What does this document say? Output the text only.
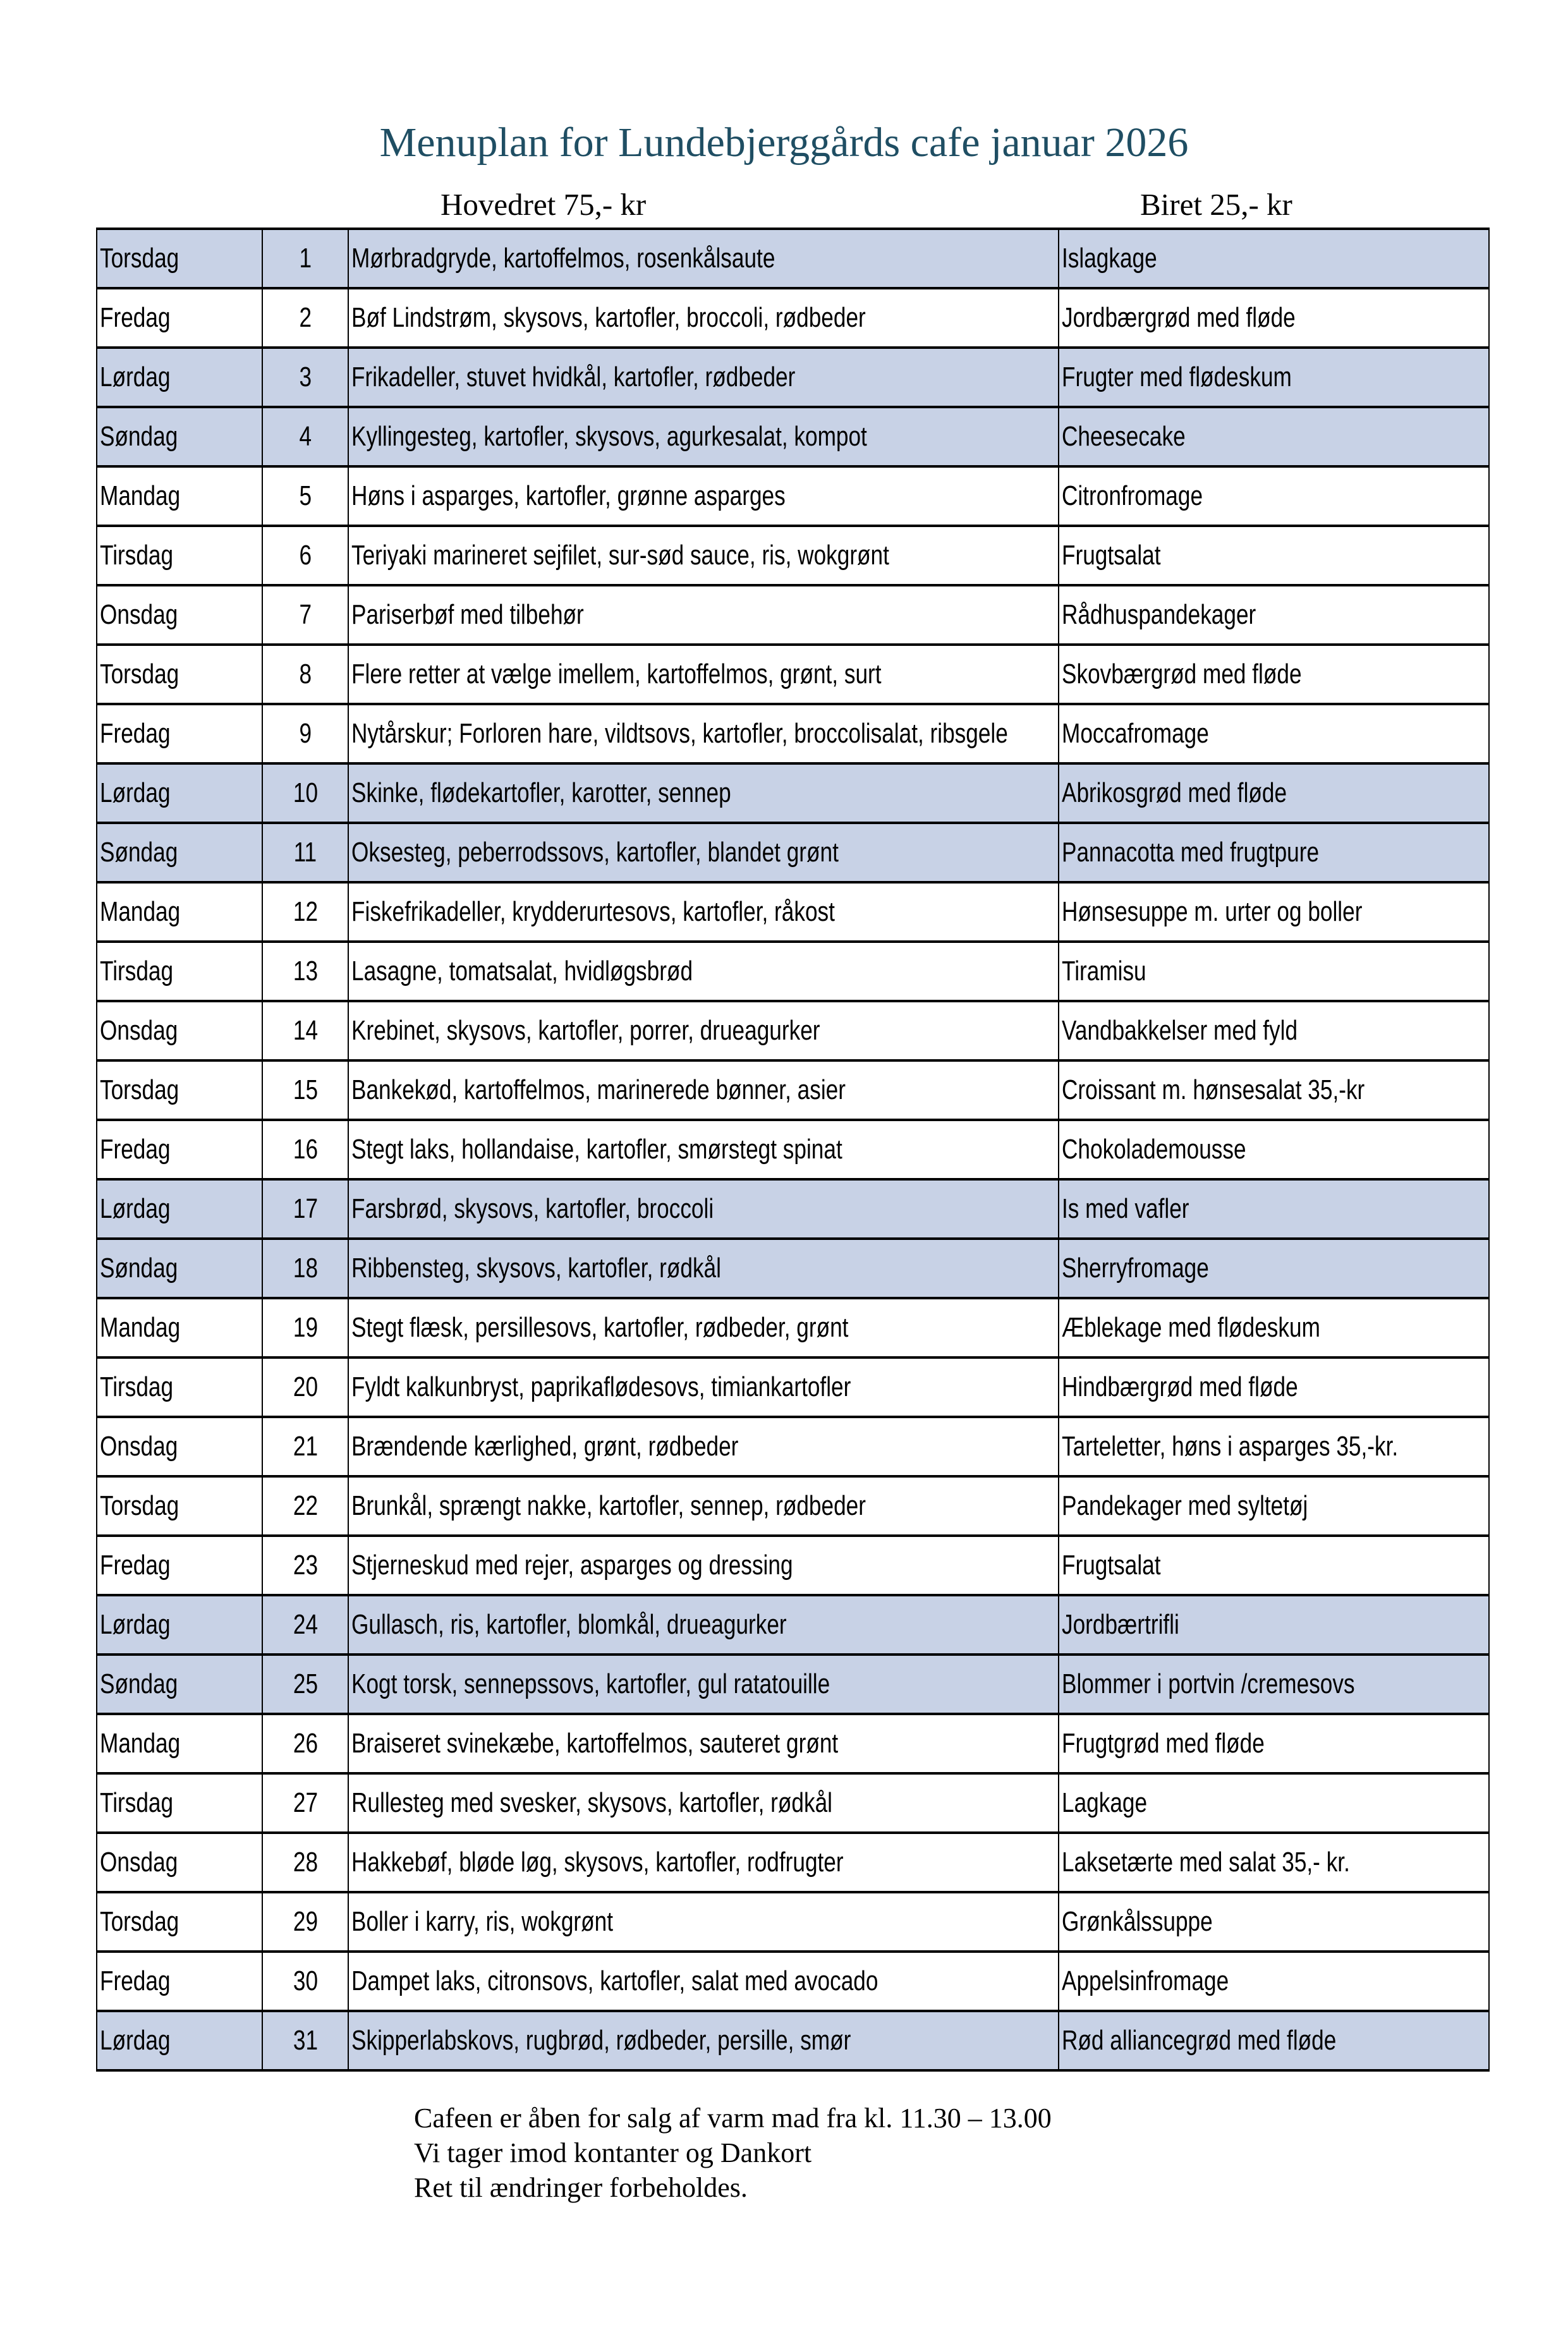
Menuplan for Lundebjerggårds cafe januar 2026
Hovedret 75,- kr	Biret 25,- kr
Torsdag	1	Mørbradgryde, kartoffelmos, rosenkålsaute	Islagkage
Fredag	2	Bøf Lindstrøm, skysovs, kartofler, broccoli, rødbeder	Jordbærgrød med fløde
Lørdag	3	Frikadeller, stuvet hvidkål, kartofler, rødbeder	Frugter med flødeskum
Søndag	4	Kyllingesteg, kartofler, skysovs, agurkesalat, kompot	Cheesecake
Mandag	5	Høns i asparges, kartofler, grønne asparges	Citronfromage
Tirsdag	6	Teriyaki marineret sejfilet, sur-sød sauce, ris, wokgrønt	Frugtsalat
Onsdag	7	Pariserbøf med tilbehør	Rådhuspandekager
Torsdag	8	Flere retter at vælge imellem, kartoffelmos, grønt, surt	Skovbærgrød med fløde
Fredag	9	Nytårskur; Forloren hare, vildtsovs, kartofler, broccolisalat, ribsgele	Moccafromage
Lørdag	10	Skinke, flødekartofler, karotter, sennep	Abrikosgrød med fløde
Søndag	11	Oksesteg, peberrodssovs, kartofler, blandet grønt	Pannacotta med frugtpure
Mandag	12	Fiskefrikadeller, krydderurtesovs, kartofler, råkost	Hønsesuppe m. urter og boller
Tirsdag	13	Lasagne, tomatsalat, hvidløgsbrød	Tiramisu
Onsdag	14	Krebinet, skysovs, kartofler, porrer, drueagurker	Vandbakkelser med fyld
Torsdag	15	Bankekød, kartoffelmos, marinerede bønner, asier	Croissant m. hønsesalat 35,-kr
Fredag	16	Stegt laks, hollandaise, kartofler, smørstegt spinat	Chokolademousse
Lørdag	17	Farsbrød, skysovs, kartofler, broccoli	Is med vafler
Søndag	18	Ribbensteg, skysovs, kartofler, rødkål	Sherryfromage
Mandag	19	Stegt flæsk, persillesovs, kartofler, rødbeder, grønt	Æblekage med flødeskum
Tirsdag	20	Fyldt kalkunbryst, paprikaflødesovs, timiankartofler	Hindbærgrød med fløde
Onsdag	21	Brændende kærlighed, grønt, rødbeder	Tarteletter, høns i asparges 35,-kr.
Torsdag	22	Brunkål, sprængt nakke, kartofler, sennep, rødbeder	Pandekager med syltetøj
Fredag	23	Stjerneskud med rejer, asparges og dressing	Frugtsalat
Lørdag	24	Gullasch, ris, kartofler, blomkål, drueagurker	Jordbærtrifli
Søndag	25	Kogt torsk, sennepssovs, kartofler, gul ratatouille	Blommer i portvin /cremesovs
Mandag	26	Braiseret svinekæbe, kartoffelmos, sauteret grønt	Frugtgrød med fløde
Tirsdag	27	Rullesteg med svesker, skysovs, kartofler, rødkål	Lagkage
Onsdag	28	Hakkebøf, bløde løg, skysovs, kartofler, rodfrugter	Laksetærte med salat 35,- kr.
Torsdag	29	Boller i karry, ris, wokgrønt	Grønkålssuppe
Fredag	30	Dampet laks, citronsovs, kartofler, salat med avocado	Appelsinfromage
Lørdag	31	Skipperlabskovs, rugbrød, rødbeder, persille, smør	Rød alliancegrød med fløde
Cafeen er åben for salg af varm mad fra kl. 11.30 – 13.00
Vi tager imod kontanter og Dankort
Ret til ændringer forbeholdes.
